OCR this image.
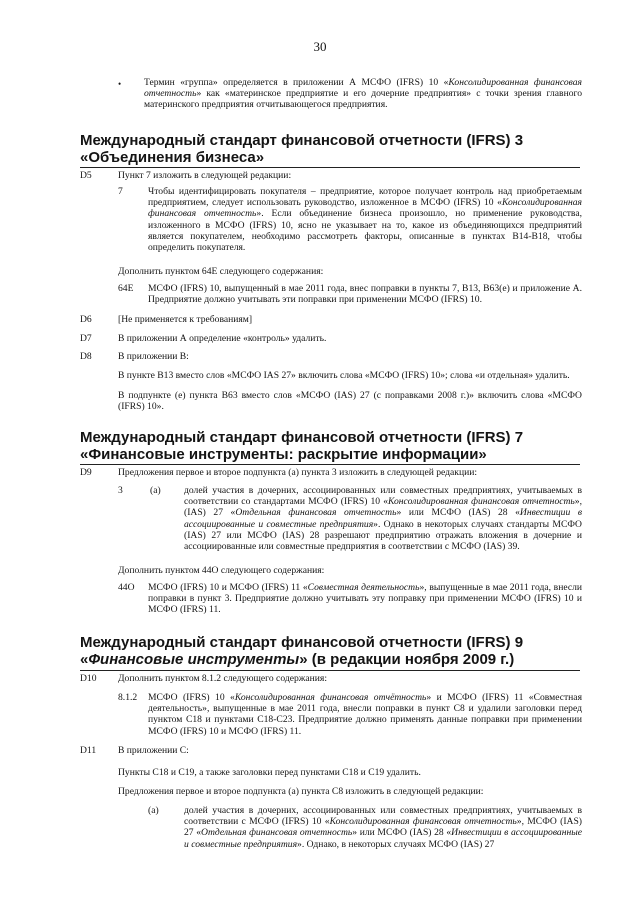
30
• Термин «группа» определяется в приложении А МСФО (IFRS) 10 «Консолидированная финансовая отчетность» как «материнское предприятие и его дочерние предприятия» с точки зрения главного материнского предприятия отчитывающегося предприятия.
Международный стандарт финансовой отчетности (IFRS) 3
«Объединения бизнеса»
D5	Пункт 7 изложить в следующей редакции:
7	Чтобы идентифицировать покупателя – предприятие, которое получает контроль над приобретаемым предприятием, следует использовать руководство, изложенное в МСФО (IFRS) 10 «Консолидированная финансовая отчетность». Если объединение бизнеса произошло, но применение руководства, изложенного в МСФО (IFRS) 10, ясно не указывает на то, какое из объединяющихся предприятий является покупателем, необходимо рассмотреть факторы, описанные в пунктах B14-B18, чтобы определить покупателя.
Дополнить пунктом 64E следующего содержания:
64E МСФО (IFRS) 10, выпущенный в мае 2011 года, внес поправки в пункты 7, B13, B63(e) и приложение A. Предприятие должно учитывать эти поправки при применении МСФО (IFRS) 10.
D6	[Не применяется к требованиям]
D7	В приложении А определение «контроль» удалить.
D8	В приложении B:
В пункте B13 вместо слов «МСФО IAS 27» включить слова «МСФО (IFRS) 10»; слова «и отдельная» удалить.
В подпункте (e) пункта B63 вместо слов «МСФО (IAS) 27 (с поправками 2008 г.)» включить слова «МСФО (IFRS) 10».
Международный стандарт финансовой отчетности (IFRS) 7
«Финансовые инструменты: раскрытие информации»
D9	Предложения первое и второе подпункта (a) пункта 3 изложить в следующей редакции:
3	(a) долей участия в дочерних, ассоциированных или совместных предприятиях, учитываемых в соответствии со стандартами МСФО (IFRS) 10 «Консолидированная финансовая отчетность», (IAS) 27 «Отдельная финансовая отчетность» или МСФО (IAS) 28 «Инвестиции в ассоциированные и совместные предприятия». Однако в некоторых случаях стандарты МСФО (IAS) 27 или МСФО (IAS) 28 разрешают предприятию отражать вложения в дочерние и ассоциированные или совместные предприятия в соответствии с МСФО (IAS) 39.
Дополнить пунктом 44O следующего содержания:
44O МСФО (IFRS) 10 и МСФО (IFRS) 11 «Совместная деятельность», выпущенные в мае 2011 года, внесли поправки в пункт 3. Предприятие должно учитывать эту поправку при применении МСФО (IFRS) 10 и МСФО (IFRS) 11.
Международный стандарт финансовой отчетности (IFRS) 9
«Финансовые инструменты» (в редакции ноября 2009 г.)
D10 Дополнить пунктом 8.1.2 следующего содержания:
8.1.2 МСФО (IFRS) 10 «Консолидированная финансовая отчётность» и МСФО (IFRS) 11 «Совместная деятельность», выпущенные в мае 2011 года, внесли поправки в пункт C8 и удалили заголовки перед пунктом C18 и пунктами C18-C23. Предприятие должно применять данные поправки при применении МСФО (IFRS) 10 и МСФО (IFRS) 11.
D11 В приложении C:
Пункты C18 и C19, а также заголовки перед пунктами C18 и C19 удалить.
Предложения первое и второе подпункта (a) пункта C8 изложить в следующей редакции:
(a)	долей участия в дочерних, ассоциированных или совместных предприятиях, учитываемых в соответствии с МСФО (IFRS) 10 «Консолидированная финансовая отчетность», МСФО (IAS) 27 «Отдельная финансовая отчетность» или МСФО (IAS) 28 «Инвестиции в ассоциированные и совместные предприятия». Однако, в некоторых случаях МСФО (IAS) 27
